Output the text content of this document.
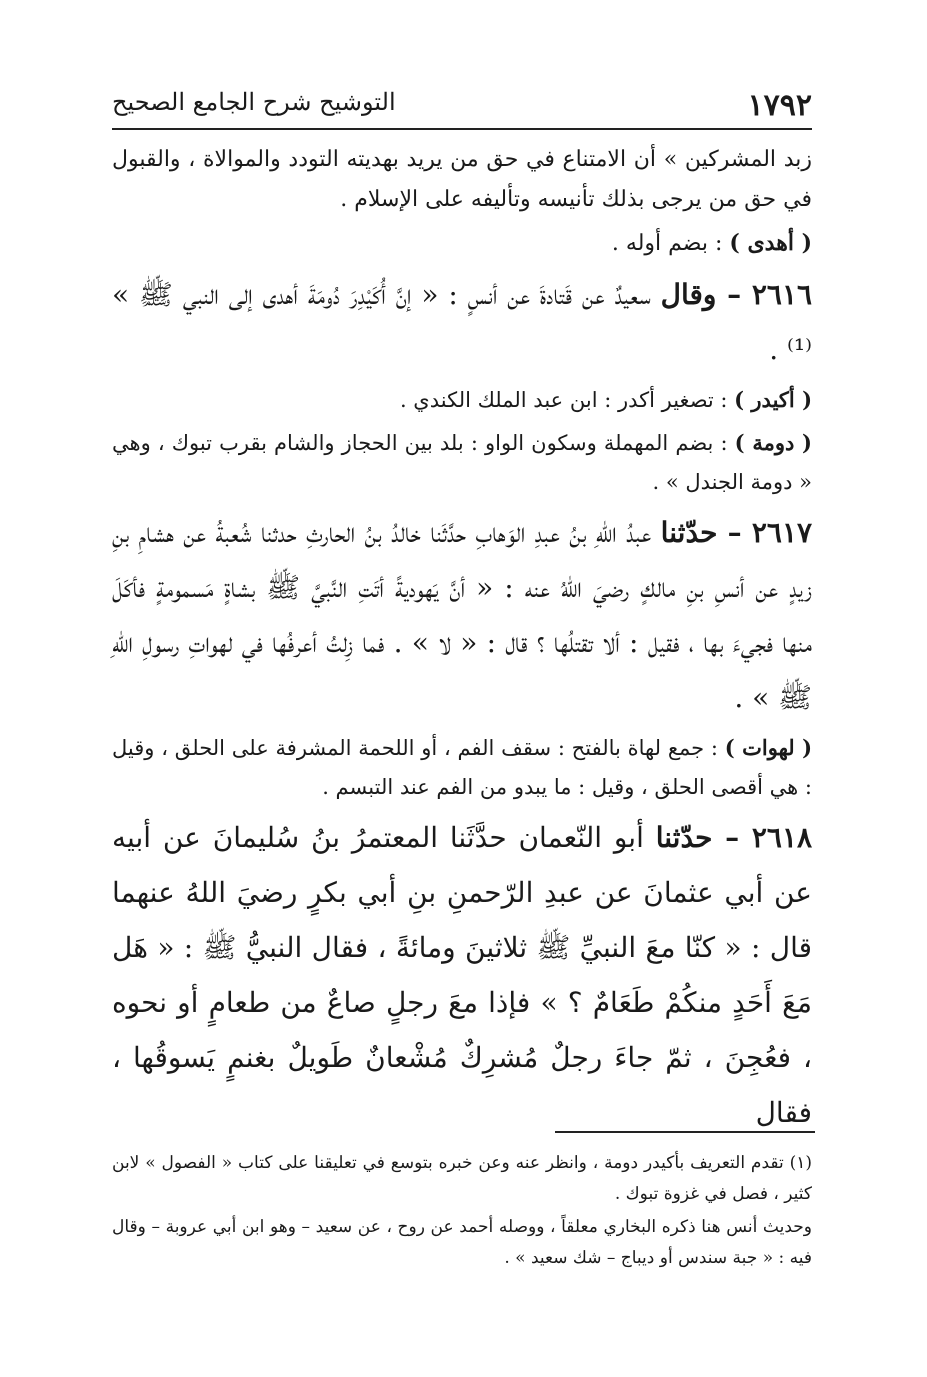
١٧٩٢
التوشيح شرح الجامع الصحيح

زبد المشركين » أن الامتناع في حق من يريد بهديته التودد والموالاة ، والقبول في حق من يرجى بذلك تأنيسه وتأليفه على الإسلام .

( أهدى ) : بضم أوله .

٢٦١٦ – وقال سعيدٌ عن قَتادةَ عن أنسٍ : « إنَّ أُكَيْدِرَ دُومَةَ أهدى إلى النبي ﷺ » ⁽¹⁾ .

( أكيدر ) : تصغير أكدر : ابن عبد الملك الكندي .

( دومة ) : بضم المهملة وسكون الواو : بلد بين الحجاز والشام بقرب تبوك ، وهي « دومة الجندل » .

٢٦١٧ – حدّثنا عبدُ اللهِ بنُ عبدِ الوَهابِ حدَّثَنا خالدُ بنُ الحارثِ حدثنا شُعبةُ عن هشامِ بنِ زيدٍ عن أنسِ بنِ مالكٍ رضيَ اللهُ عنه : « أنَّ يَهوديةً أتَتِ النَّبيَّ ﷺ بشاةٍ مَسمومةٍ فأكَلَ منها فجيءَ بها ، فقيل : ألا تقتلُها ؟ قال : « لا » . فما زِلتُ أعرفُها في لهواتِ رسولِ اللهِ ﷺ » .

( لهوات ) : جمع لهاة بالفتح : سقف الفم ، أو اللحمة المشرفة على الحلق ، وقيل : هي أقصى الحلق ، وقيل : ما يبدو من الفم عند التبسم .

٢٦١٨ – حدّثنا أبو النّعمان حدَّثَنا المعتمرُ بنُ سُليمانَ عن أبيه عن أبي عثمانَ عن عبدِ الرّحمنِ بنِ أبي بكرٍ رضيَ اللهُ عنهما قال : « كنّا معَ النبيِّ ﷺ ثلاثينَ ومائةً ، فقال النبيُّ ﷺ : « هَل مَعَ أَحَدٍ منكُمْ طَعَامٌ ؟ » فإذا معَ رجلٍ صاعٌ من طعامٍ أو نحوه ، فعُجِنَ ، ثمّ جاءَ رجلٌ مُشرِكٌ مُشْعانٌ طَويلٌ بغنمٍ يَسوقُها ، فقال

(١) تقدم التعريف بأكيدر دومة ، وانظر عنه وعن خبره بتوسع في تعليقنا على كتاب « الفصول » لابن كثير ، فصل في غزوة تبوك .

وحديث أنس هنا ذكره البخاري معلقاً ، ووصله أحمد عن روح ، عن سعيد – وهو ابن أبي عروبة – وقال فيه : « جبة سندس أو ديباج – شك سعيد » .
